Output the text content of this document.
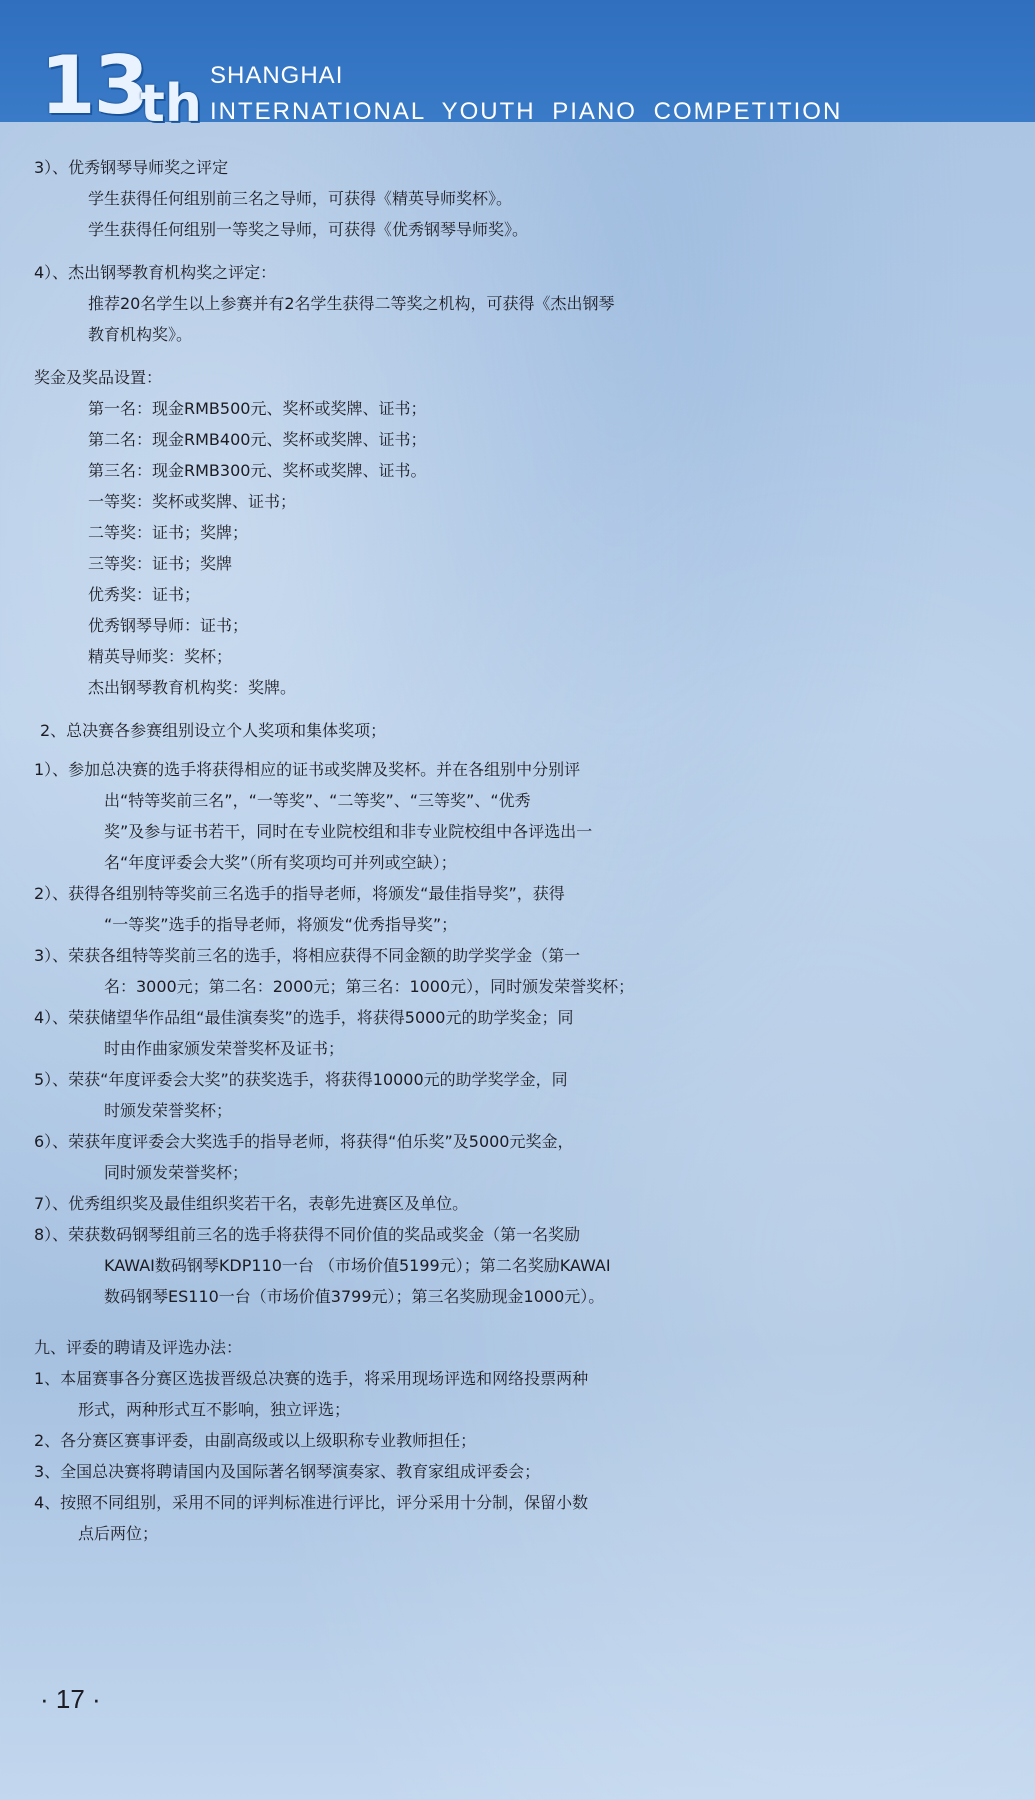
13
th SHANGHAI
INTERNATIONAL YOUTH PIANO COMPETITION
3）、优秀钢琴导师奖之评定
学生获得任何组别前三名之导师，可获得《精英导师奖杯》。
学生获得任何组别一等奖之导师，可获得《优秀钢琴导师奖》。
4）、杰出钢琴教育机构奖之评定：
推荐20名学生以上参赛并有2名学生获得二等奖之机构，可获得《杰出钢琴
教育机构奖》。
奖金及奖品设置：
第一名：现金RMB500元、奖杯或奖牌、证书；
第二名：现金RMB400元、奖杯或奖牌、证书；
第三名：现金RMB300元、奖杯或奖牌、证书。
一等奖：奖杯或奖牌、证书；
二等奖：证书；奖牌；
三等奖：证书；奖牌
优秀奖：证书；
优秀钢琴导师：证书；
精英导师奖：奖杯；
杰出钢琴教育机构奖：奖牌。
2、总决赛各参赛组别设立个人奖项和集体奖项；
1）、参加总决赛的选手将获得相应的证书或奖牌及奖杯。并在各组别中分别评
出“特等奖前三名”，“一等奖”、“二等奖”、“三等奖”、“优秀
奖”及参与证书若干，同时在专业院校组和非专业院校组中各评选出一
名“年度评委会大奖”（所有奖项均可并列或空缺）；
2）、获得各组别特等奖前三名选手的指导老师，将颁发“最佳指导奖”，获得
“一等奖”选手的指导老师，将颁发“优秀指导奖”；
3）、荣获各组特等奖前三名的选手，将相应获得不同金额的助学奖学金（第一
名：3000元；第二名：2000元；第三名：1000元），同时颁发荣誉奖杯；
4）、荣获储望华作品组“最佳演奏奖”的选手，将获得5000元的助学奖金；同
时由作曲家颁发荣誉奖杯及证书；
5）、荣获“年度评委会大奖”的获奖选手，将获得10000元的助学奖学金，同
时颁发荣誉奖杯；
6）、荣获年度评委会大奖选手的指导老师，将获得“伯乐奖”及5000元奖金，
同时颁发荣誉奖杯；
7）、优秀组织奖及最佳组织奖若干名，表彰先进赛区及单位。
8）、荣获数码钢琴组前三名的选手将获得不同价值的奖品或奖金（第一名奖励
KAWAI数码钢琴KDP110一台 （市场价值5199元）；第二名奖励KAWAI
数码钢琴ES110一台（市场价值3799元）；第三名奖励现金1000元）。
九、评委的聘请及评选办法：
1、本届赛事各分赛区选拔晋级总决赛的选手，将采用现场评选和网络投票两种
形式，两种形式互不影响，独立评选；
2、各分赛区赛事评委，由副高级或以上级职称专业教师担任；
3、全国总决赛将聘请国内及国际著名钢琴演奏家、教育家组成评委会；
4、按照不同组别，采用不同的评判标准进行评比，评分采用十分制，保留小数
点后两位；
· 17 ·
